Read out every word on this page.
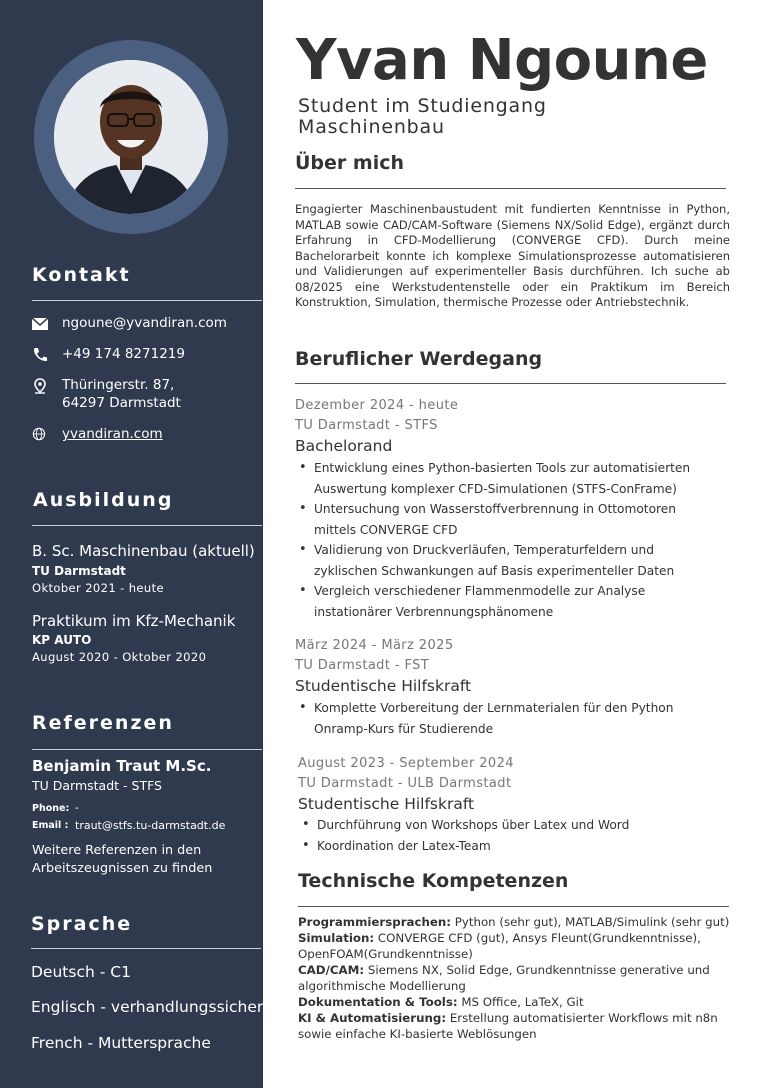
Kontakt
ngoune@yvandiran.com
+49 174 8271219
Thüringerstr. 87,
64297 Darmstadt
yvandiran.com
Ausbildung
B. Sc. Maschinenbau (aktuell)
TU Darmstadt
Oktober 2021 - heute
Praktikum im Kfz-Mechanik
KP AUTO
August 2020 - Oktober 2020
Referenzen
Benjamin Traut M.Sc.
TU Darmstadt - STFS
Phone: -
Email : traut@stfs.tu-darmstadt.de
Weitere Referenzen in den
Arbeitszeugnissen zu finden
Sprache
Deutsch - C1
Englisch - verhandlungssicher
French - Muttersprache
Yvan Ngoune
Student im Studiengang Maschinenbau
Über mich
Engagierter Maschinenbaustudent mit fundierten Kenntnisse in Python, MATLAB sowie CAD/CAM-Software (Siemens NX/Solid Edge), ergänzt durch Erfahrung in CFD-Modellierung (CONVERGE CFD). Durch meine Bachelorarbeit konnte ich komplexe Simulationsprozesse automatisieren und Validierungen auf experimenteller Basis durchführen. Ich suche ab 08/2025 eine Werkstudentenstelle oder ein Praktikum im Bereich Konstruktion, Simulation, thermische Prozesse oder Antriebstechnik.
Beruflicher Werdegang
Dezember 2024 - heute
TU Darmstadt - STFS
Bachelorand
• Entwicklung eines Python-basierten Tools zur automatisierten Auswertung komplexer CFD-Simulationen (STFS-ConFrame)
• Untersuchung von Wasserstoffverbrennung in Ottomotoren mittels CONVERGE CFD
• Validierung von Druckverläufen, Temperaturfeldern und zyklischen Schwankungen auf Basis experimenteller Daten
• Vergleich verschiedener Flammenmodelle zur Analyse instationärer Verbrennungsphänomene
März 2024 - März 2025
TU Darmstadt - FST
Studentische Hilfskraft
• Komplette Vorbereitung der Lernmaterialen für den Python Onramp-Kurs für Studierende
August 2023 - September 2024
TU Darmstadt - ULB Darmstadt
Studentische Hilfskraft
• Durchführung von Workshops über Latex und Word
• Koordination der Latex-Team
Technische Kompetenzen
Programmiersprachen: Python (sehr gut), MATLAB/Simulink (sehr gut)
Simulation: CONVERGE CFD (gut), Ansys Fleunt(Grundkenntnisse), OpenFOAM(Grundkenntnisse)
CAD/CAM: Siemens NX, Solid Edge, Grundkenntnisse generative und algorithmische Modellierung
Dokumentation & Tools: MS Office, LaTeX, Git
KI & Automatisierung: Erstellung automatisierter Workflows mit n8n sowie einfache KI-basierte Weblösungen
